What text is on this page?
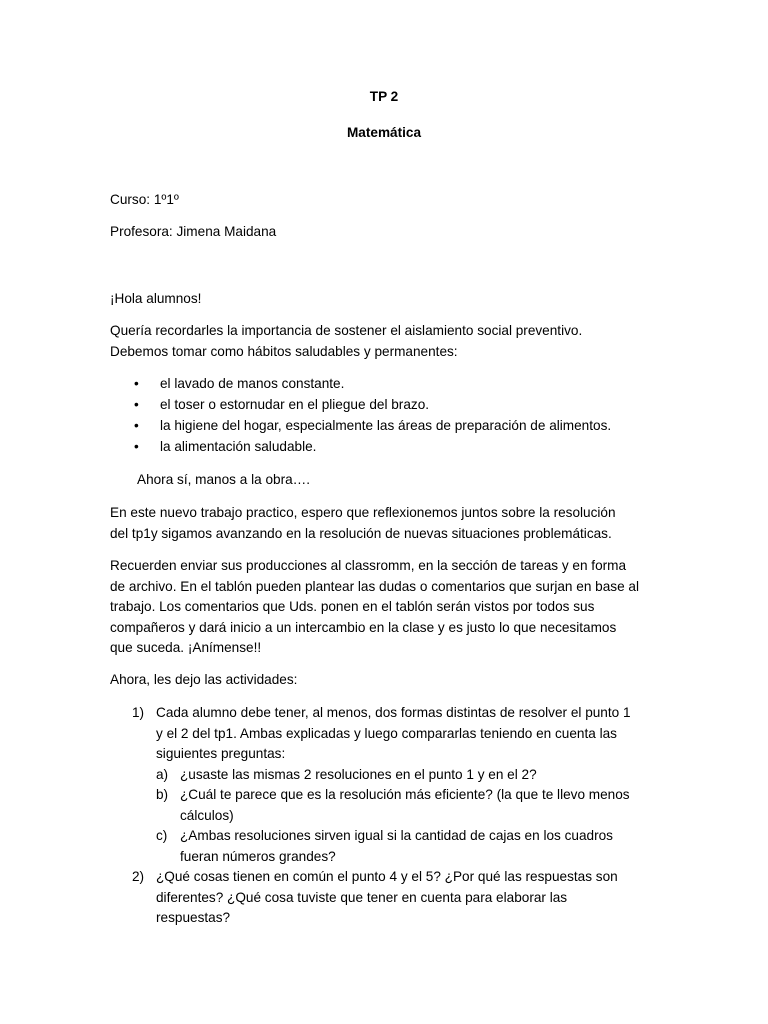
TP 2
Matemática
Curso: 1º1º
Profesora: Jimena Maidana
¡Hola alumnos!
Quería recordarles la importancia de sostener el aislamiento social preventivo.
Debemos tomar como hábitos saludables y permanentes:
• el lavado de manos constante.
• el toser o estornudar en el pliegue del brazo.
• la higiene del hogar, especialmente las áreas de preparación de alimentos.
• la alimentación saludable.
Ahora sí, manos a la obra….
En este nuevo trabajo practico, espero que reflexionemos juntos sobre la resolución
del tp1y sigamos avanzando en la resolución de nuevas situaciones problemáticas.
Recuerden enviar sus producciones al classromm, en la sección de tareas y en forma
de archivo. En el tablón pueden plantear las dudas o comentarios que surjan en base al
trabajo. Los comentarios que Uds. ponen en el tablón serán vistos por todos sus
compañeros y dará inicio a un intercambio en la clase y es justo lo que necesitamos
que suceda. ¡Anímense!!
Ahora, les dejo las actividades:
1) Cada alumno debe tener, al menos, dos formas distintas de resolver el punto 1
y el 2 del tp1. Ambas explicadas y luego compararlas teniendo en cuenta las
siguientes preguntas:
a) ¿usaste las mismas 2 resoluciones en el punto 1 y en el 2?
b) ¿Cuál te parece que es la resolución más eficiente? (la que te llevo menos
cálculos)
c) ¿Ambas resoluciones sirven igual si la cantidad de cajas en los cuadros
fueran números grandes?
2) ¿Qué cosas tienen en común el punto 4 y el 5? ¿Por qué las respuestas son
diferentes? ¿Qué cosa tuviste que tener en cuenta para elaborar las
respuestas?
